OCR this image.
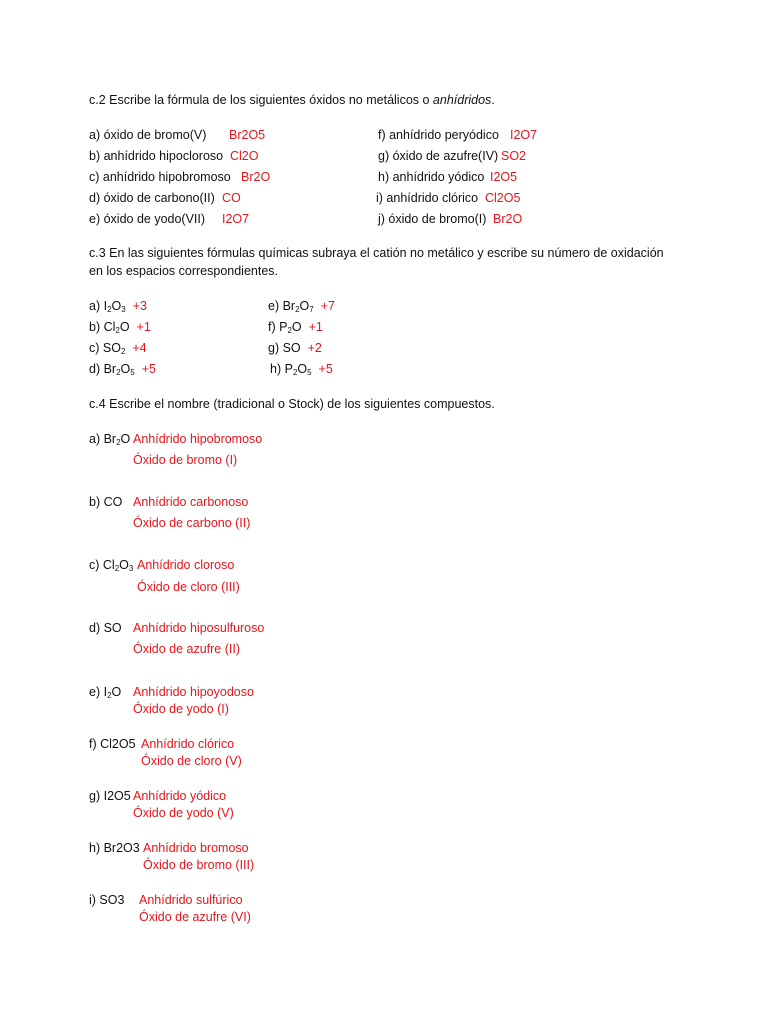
c.2 Escribe la fórmula de los siguientes óxidos no metálicos o anhídridos.
a) óxido de bromo(V) Br2O5
b) anhídrido hipocloroso Cl2O
c) anhídrido hipobromoso Br2O
d) óxido de carbono(II) CO
e) óxido de yodo(VII) I2O7
f) anhídrido peryódico I2O7
g) óxido de azufre(IV) SO2
h) anhídrido yódico I2O5
i) anhídrido clórico Cl2O5
j) óxido de bromo(I) Br2O
c.3 En las siguientes fórmulas químicas subraya el catión no metálico y escribe su número de oxidación
en los espacios correspondientes.
a) $I_2O_3 +3$
b) $Cl_2O +1$
c) $SO_2 +4$
d) $Br_2O_5 +5$
e) $Br_2O_7 +7$
f) $P_2O +1$
g) SO +2
h) $P_2O_5 +5$
c.4 Escribe el nombre (tradicional o Stock) de los siguientes compuestos.
a) $Br_2O$ Anhídrido hipobromoso
Óxido de bromo (I)
b) CO Anhídrido carbonoso
Óxido de carbono (II)
c) $Cl_2O_3$ Anhídrido cloroso
Óxido de cloro (III)
d) SO Anhídrido hiposulfuroso
Óxido de azufre (II)
e) $I_2O$ Anhídrido hipoyodoso
Óxido de yodo (I)
f) Cl2O5 Anhídrido clórico
Óxido de cloro (V)
g) I2O5 Anhídrido yódico
Óxido de yodo (V)
h) Br2O3 Anhídrido bromoso
Óxido de bromo (III)
i) SO3 Anhídrido sulfúrico
Óxido de azufre (VI)
